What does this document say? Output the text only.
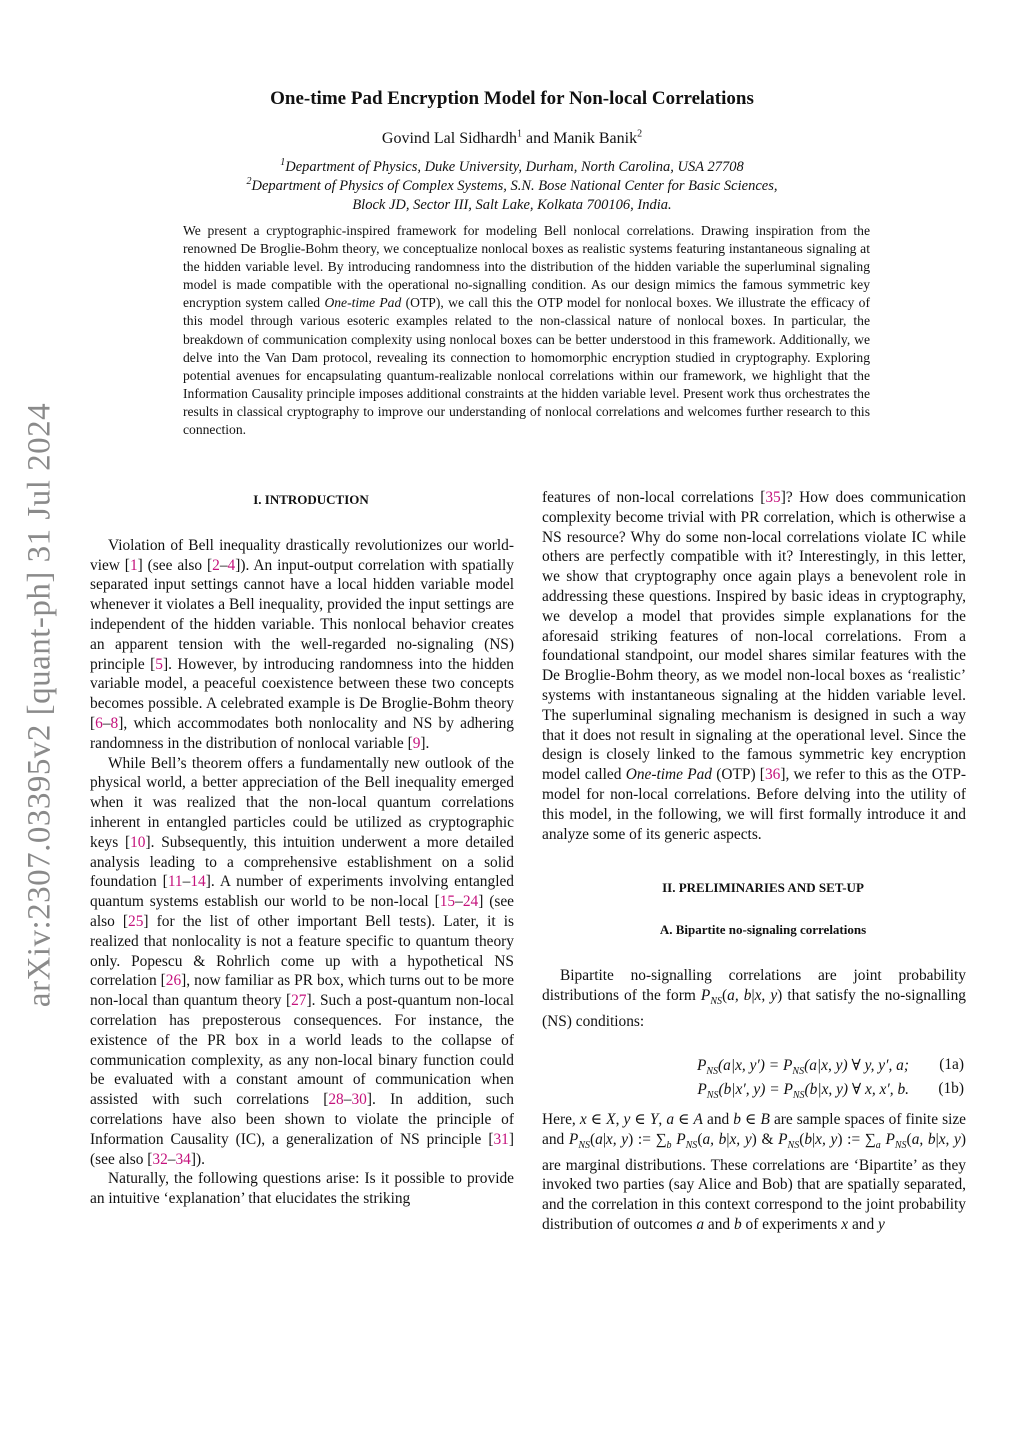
arXiv:2307.03395v2 [quant-ph] 31 Jul 2024
One-time Pad Encryption Model for Non-local Correlations
Govind Lal Sidhardh$^1$ and Manik Banik$^2$
$^1$Department of Physics, Duke University, Durham, North Carolina, USA 27708
$^2$Department of Physics of Complex Systems, S.N. Bose National Center for Basic Sciences,
Block JD, Sector III, Salt Lake, Kolkata 700106, India.
We present a cryptographic-inspired framework for modeling Bell nonlocal correlations. Drawing inspiration from the renowned De Broglie-Bohm theory, we conceptualize nonlocal boxes as realistic systems featuring instantaneous signaling at the hidden variable level. By introducing randomness into the distribution of the hidden variable the superluminal signaling model is made compatible with the operational no-signalling condition. As our design mimics the famous symmetric key encryption system called One-time Pad (OTP), we call this the OTP model for nonlocal boxes. We illustrate the efficacy of this model through various esoteric examples related to the non-classical nature of nonlocal boxes. In particular, the breakdown of communication complexity using nonlocal boxes can be better understood in this framework. Additionally, we delve into the Van Dam protocol, revealing its connection to homomorphic encryption studied in cryptography. Exploring potential avenues for encapsulating quantum-realizable nonlocal correlations within our framework, we highlight that the Information Causality principle imposes additional constraints at the hidden variable level. Present work thus orchestrates the results in classical cryptography to improve our understanding of nonlocal correlations and welcomes further research to this connection.

I. INTRODUCTION

Violation of Bell inequality drastically revolutionizes our world-view [1] (see also [2–4]). An input-output correlation with spatially separated input settings cannot have a local hidden variable model whenever it violates a Bell inequality, provided the input settings are independent of the hidden variable. This nonlocal behavior creates an apparent tension with the well-regarded no-signaling (NS) principle [5]. However, by introducing randomness into the hidden variable model, a peaceful coexistence between these two concepts becomes possible. A celebrated example is De Broglie-Bohm theory [6–8], which accommodates both nonlocality and NS by adhering randomness in the distribution of nonlocal variable [9].

While Bell’s theorem offers a fundamentally new outlook of the physical world, a better appreciation of the Bell inequality emerged when it was realized that the non-local quantum correlations inherent in entangled particles could be utilized as cryptographic keys [10]. Subsequently, this intuition underwent a more detailed analysis leading to a comprehensive establishment on a solid foundation [11–14]. A number of experiments involving entangled quantum systems establish our world to be non-local [15–24] (see also [25] for the list of other important Bell tests). Later, it is realized that nonlocality is not a feature specific to quantum theory only. Popescu & Rohrlich come up with a hypothetical NS correlation [26], now familiar as PR box, which turns out to be more non-local than quantum theory [27]. Such a post-quantum non-local correlation has preposterous consequences. For instance, the existence of the PR box in a world leads to the collapse of communication complexity, as any non-local binary function could be evaluated with a constant amount of communication when assisted with such correlations [28–30]. In addition, such correlations have also been shown to violate the principle of Information Causality (IC), a generalization of NS principle [31] (see also [32–34]).

Naturally, the following questions arise: Is it possible to provide an intuitive ‘explanation’ that elucidates the striking

features of non-local correlations [35]? How does communication complexity become trivial with PR correlation, which is otherwise a NS resource? Why do some non-local correlations violate IC while others are perfectly compatible with it? Interestingly, in this letter, we show that cryptography once again plays a benevolent role in addressing these questions. Inspired by basic ideas in cryptography, we develop a model that provides simple explanations for the aforesaid striking features of non-local correlations. From a foundational standpoint, our model shares similar features with the De Broglie-Bohm theory, as we model non-local boxes as ‘realistic’ systems with instantaneous signaling at the hidden variable level. The superluminal signaling mechanism is designed in such a way that it does not result in signaling at the operational level. Since the design is closely linked to the famous symmetric key encryption model called One-time Pad (OTP) [36], we refer to this as the OTP-model for non-local correlations. Before delving into the utility of this model, in the following, we will first formally introduce it and analyze some of its generic aspects.

II. PRELIMINARIES AND SET-UP

A. Bipartite no-signaling correlations

Bipartite no-signalling correlations are joint probability distributions of the form $P_{NS}(a$, b|x, y) that satisfy the no-signalling (NS) conditions:

$P_{NS}(a|x$, $y') = P_{NS}(a|x$, y) ∀ y, y′, a; (1a)
$P_{NS}(b|x'$, $y) = P_{NS}(b|x$, y) ∀ x, x′, b. (1b)

Here, x ∈ X, y ∈ Y, a ∈ A and b ∈ B are sample spaces of finite size and $P_{NS}(a|x$, y) := $\sum_b$ $P_{NS}(a$, b|x, y) & $P_{NS}(b|x$, y) := $\sum_a$ $P_{NS}(a$, b|x, y) are marginal distributions. These correlations are ‘Bipartite’ as they invoked two parties (say Alice and Bob) that are spatially separated, and the correlation in this context correspond to the joint probability distribution of outcomes a and b of experiments x and y
